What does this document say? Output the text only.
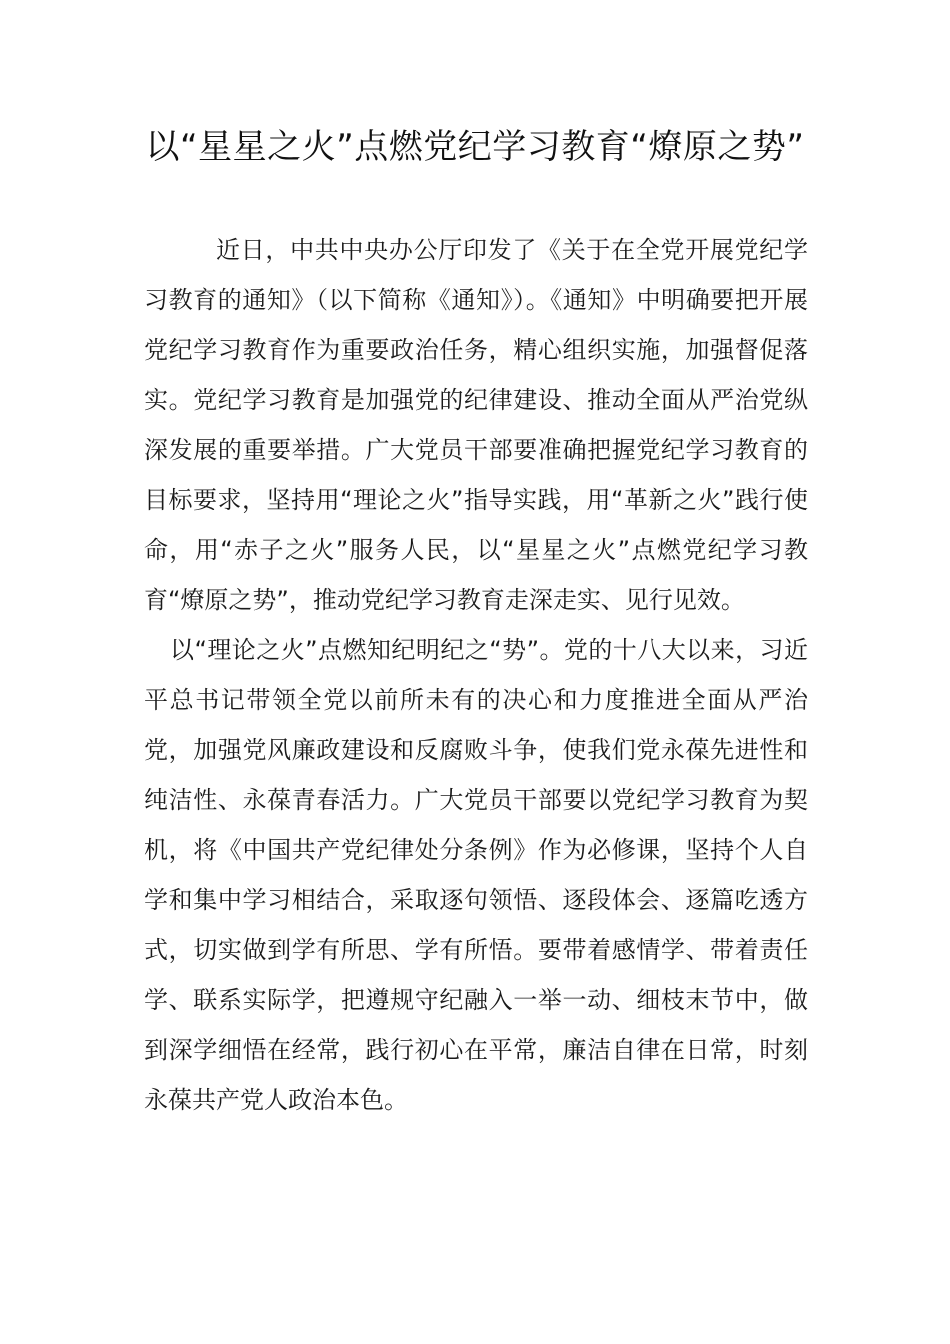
以“星星之火”点燃党纪学习教育“燎原之势”

近日，中共中央办公厅印发了《关于在全党开展党纪学习教育的通知》（以下简称《通知》）。《通知》中明确要把开展党纪学习教育作为重要政治任务，精心组织实施，加强督促落实。党纪学习教育是加强党的纪律建设、推动全面从严治党纵深发展的重要举措。广大党员干部要准确把握党纪学习教育的目标要求，坚持用“理论之火”指导实践，用“革新之火”践行使命，用“赤子之火”服务人民，以“星星之火”点燃党纪学习教育“燎原之势”，推动党纪学习教育走深走实、见行见效。

以“理论之火”点燃知纪明纪之“势”。党的十八大以来，习近平总书记带领全党以前所未有的决心和力度推进全面从严治党，加强党风廉政建设和反腐败斗争，使我们党永葆先进性和纯洁性、永葆青春活力。广大党员干部要以党纪学习教育为契机，将《中国共产党纪律处分条例》作为必修课，坚持个人自学和集中学习相结合，采取逐句领悟、逐段体会、逐篇吃透方式，切实做到学有所思、学有所悟。要带着感情学、带着责任学、联系实际学，把遵规守纪融入一举一动、细枝末节中，做到深学细悟在经常，践行初心在平常，廉洁自律在日常，时刻永葆共产党人政治本色。
